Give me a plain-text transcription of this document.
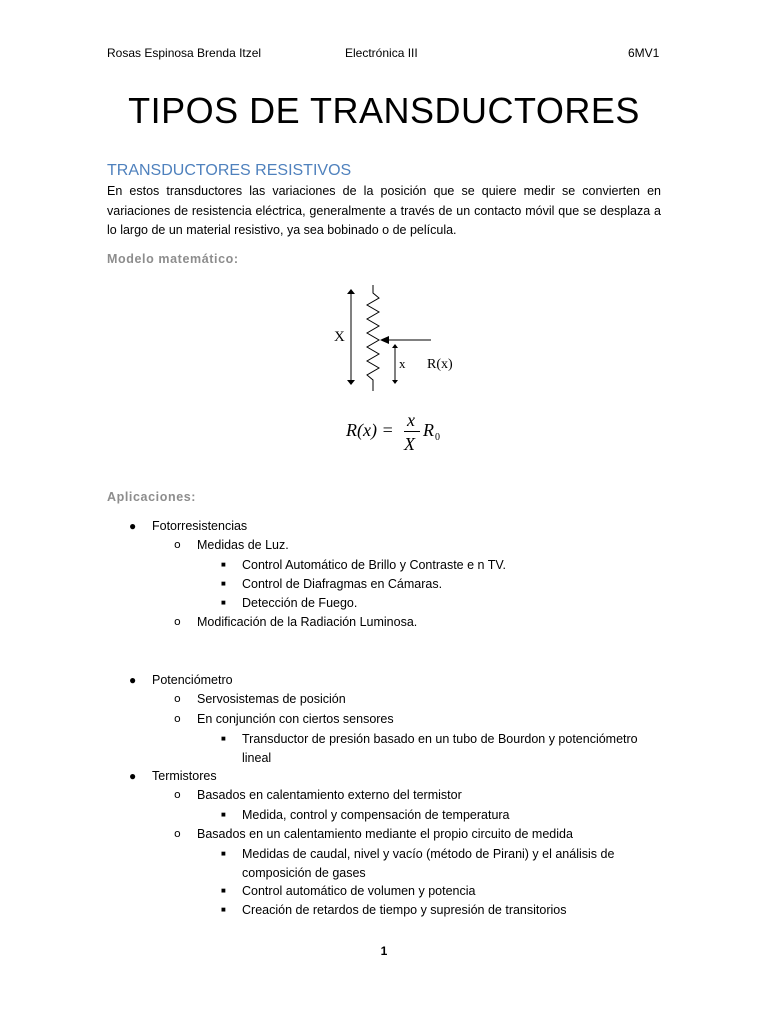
Rosas Espinosa Brenda Itzel	Electrónica III	6MV1
TIPOS DE TRANSDUCTORES
TRANSDUCTORES RESISTIVOS

En estos transductores las variaciones de la posición que se quiere medir se convierten en variaciones de resistencia eléctrica, generalmente a través de un contacto móvil que se desplaza a lo largo de un material resistivo, ya sea bobinado o de película.

Modelo matemático:
X
x R(x)
R(x) = x
X
R 0
Aplicaciones:
● Fotorresistencias
o Medidas de Luz.
■ Control Automático de Brillo y Contraste e n TV.
■ Control de Diafragmas en Cámaras.
■ Detección de Fuego.
o Modificación de la Radiación Luminosa.
● Potenciómetro
o Servosistemas de posición
o En conjunción con ciertos sensores
■ Transductor de presión basado en un tubo de Bourdon y potenciómetro lineal
● Termistores
o Basados en calentamiento externo del termistor
■ Medida, control y compensación de temperatura
o Basados en un calentamiento mediante el propio circuito de medida
■ Medidas de caudal, nivel y vacío (método de Pirani) y el análisis de composición de gases
■ Control automático de volumen y potencia
■ Creación de retardos de tiempo y supresión de transitorios
1
